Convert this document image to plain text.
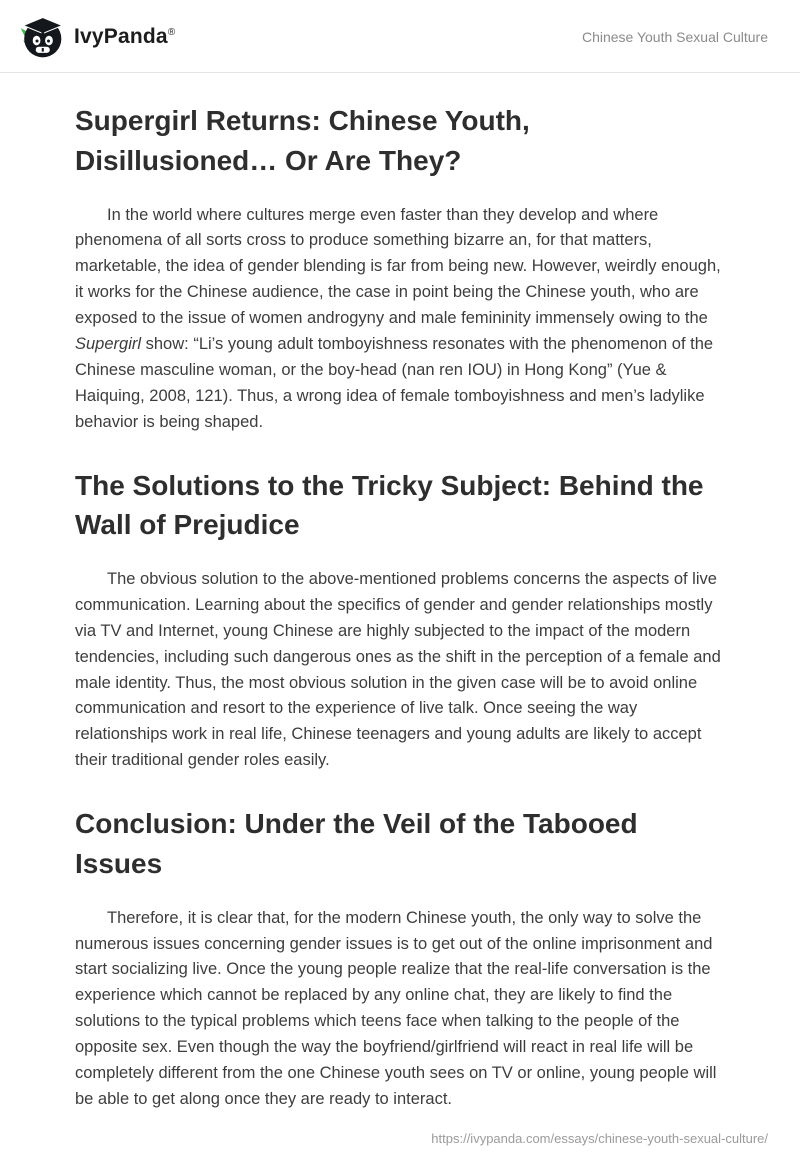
IvyPanda®	Chinese Youth Sexual Culture
Supergirl Returns: Chinese Youth, Disillusioned… Or Are They?

In the world where cultures merge even faster than they develop and where phenomena of all sorts cross to produce something bizarre an, for that matters, marketable, the idea of gender blending is far from being new. However, weirdly enough, it works for the Chinese audience, the case in point being the Chinese youth, who are exposed to the issue of women androgyny and male femininity immensely owing to the Supergirl show: “Li’s young adult tomboyishness resonates with the phenomenon of the Chinese masculine woman, or the boy-head (nan ren IOU) in Hong Kong” (Yue & Haiquing, 2008, 121). Thus, a wrong idea of female tomboyishness and men’s ladylike behavior is being shaped.

The Solutions to the Tricky Subject: Behind the Wall of Prejudice

The obvious solution to the above-mentioned problems concerns the aspects of live communication. Learning about the specifics of gender and gender relationships mostly via TV and Internet, young Chinese are highly subjected to the impact of the modern tendencies, including such dangerous ones as the shift in the perception of a female and male identity. Thus, the most obvious solution in the given case will be to avoid online communication and resort to the experience of live talk. Once seeing the way relationships work in real life, Chinese teenagers and young adults are likely to accept their traditional gender roles easily.

Conclusion: Under the Veil of the Tabooed Issues

Therefore, it is clear that, for the modern Chinese youth, the only way to solve the numerous issues concerning gender issues is to get out of the online imprisonment and start socializing live. Once the young people realize that the real-life conversation is the experience which cannot be replaced by any online chat, they are likely to find the solutions to the typical problems which teens face when talking to the people of the opposite sex. Even though the way the boyfriend/girlfriend will react in real life will be completely different from the one Chinese youth sees on TV or online, young people will be able to get along once they are ready to interact.

https://ivypanda.com/essays/chinese-youth-sexual-culture/
